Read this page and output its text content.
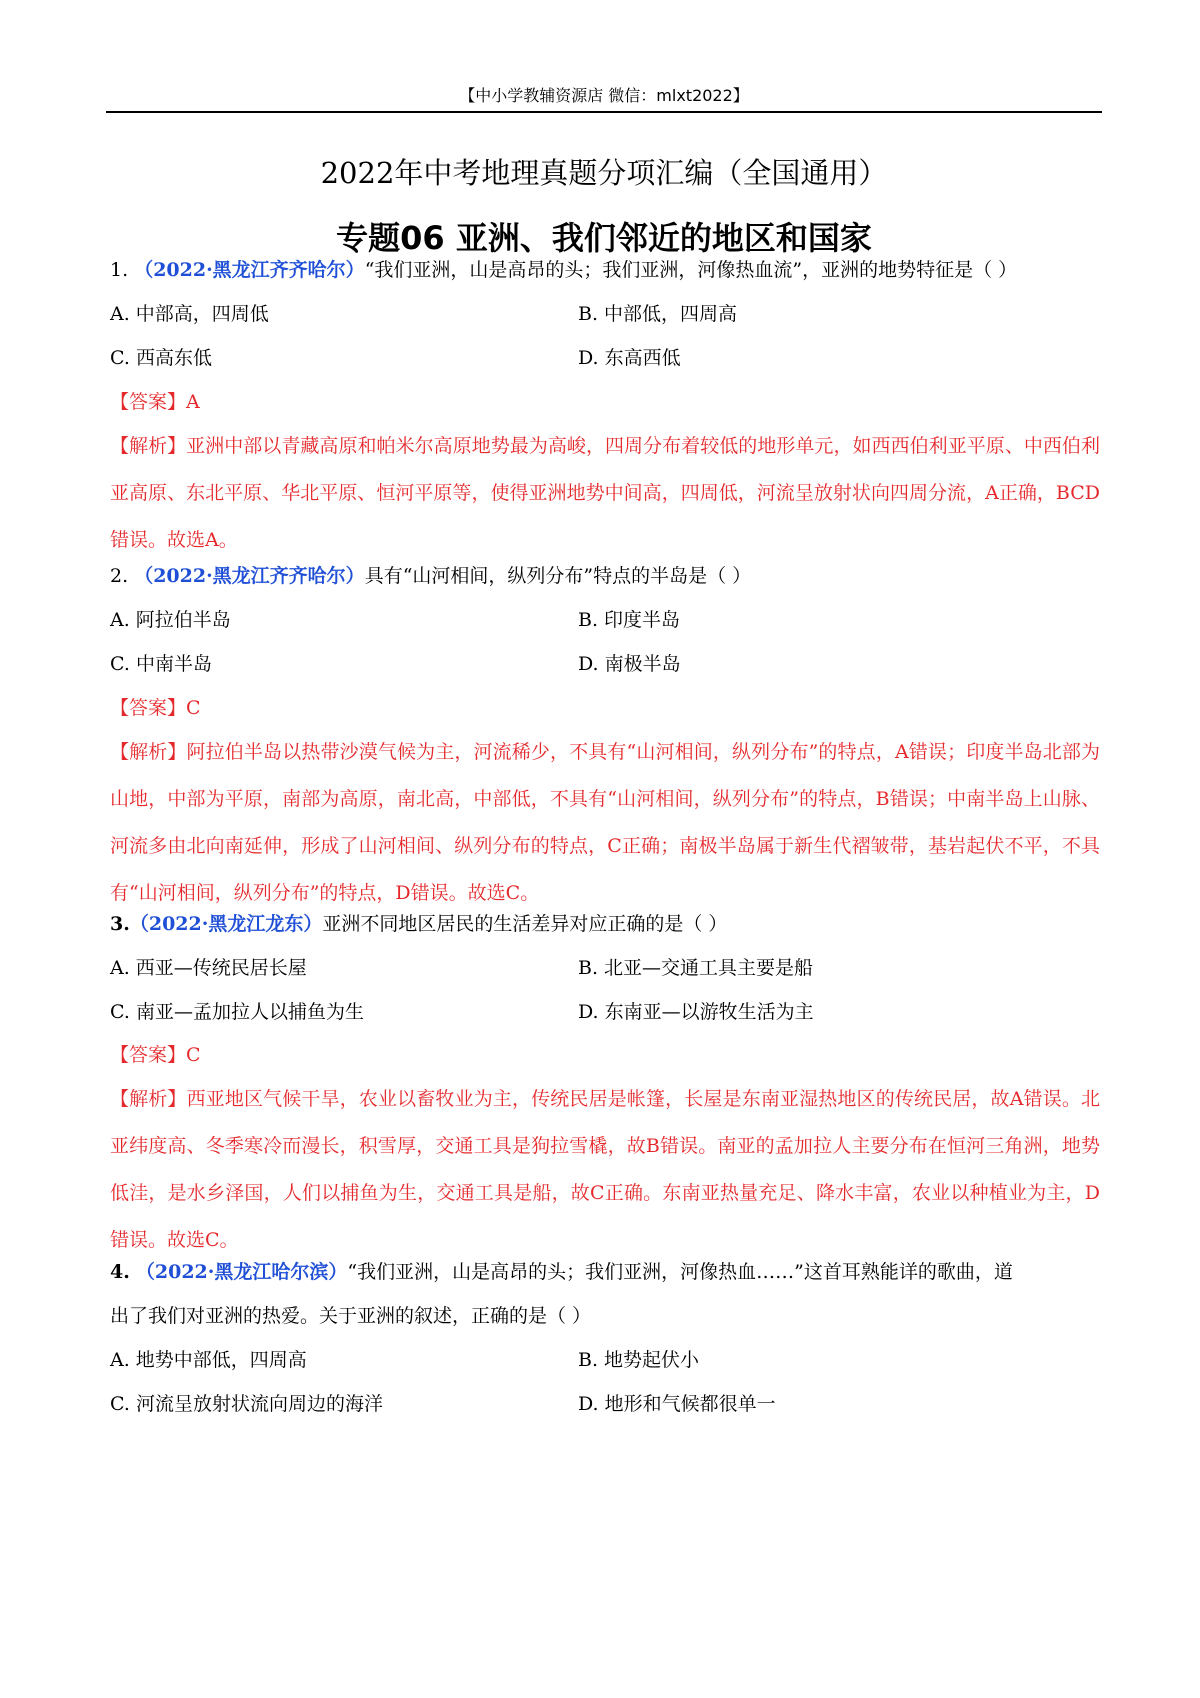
【中小学教辅资源店 微信：mlxt2022】
2022年中考地理真题分项汇编（全国通用）
专题06 亚洲、我们邻近的地区和国家
1. （2022·黑龙江齐齐哈尔）“我们亚洲，山是高昂的头；我们亚洲，河像热血流”，亚洲的地势特征是（ ）
A. 中部高，四周低	B. 中部低，四周高
C. 西高东低	D. 东高西低
【答案】A
【解析】亚洲中部以青藏高原和帕米尔高原地势最为高峻，四周分布着较低的地形单元，如西西伯利亚平原、中西伯利亚高原、东北平原、华北平原、恒河平原等，使得亚洲地势中间高，四周低，河流呈放射状向四周分流，A正确，BCD错误。故选A。
2. （2022·黑龙江齐齐哈尔）具有“山河相间，纵列分布”特点的半岛是（ ）
A. 阿拉伯半岛	B. 印度半岛
C. 中南半岛	D. 南极半岛
【答案】C
【解析】阿拉伯半岛以热带沙漠气候为主，河流稀少，不具有“山河相间，纵列分布”的特点，A错误；印度半岛北部为山地，中部为平原，南部为高原，南北高，中部低，不具有“山河相间，纵列分布”的特点，B错误；中南半岛上山脉、河流多由北向南延伸，形成了山河相间、纵列分布的特点，C正确；南极半岛属于新生代褶皱带，基岩起伏不平，不具有“山河相间，纵列分布”的特点，D错误。故选C。
3.（2022·黑龙江龙东）亚洲不同地区居民的生活差异对应正确的是（ ）
A. 西亚—传统民居长屋	B. 北亚—交通工具主要是船
C. 南亚—孟加拉人以捕鱼为生	D. 东南亚—以游牧生活为主
【答案】C
【解析】西亚地区气候干旱，农业以畜牧业为主，传统民居是帐篷，长屋是东南亚湿热地区的传统民居，故A错误。北亚纬度高、冬季寒冷而漫长，积雪厚，交通工具是狗拉雪橇，故B错误。南亚的孟加拉人主要分布在恒河三角洲，地势低洼，是水乡泽国，人们以捕鱼为生，交通工具是船，故C正确。东南亚热量充足、降水丰富，农业以种植业为主，D错误。故选C。
4. （2022·黑龙江哈尔滨）“我们亚洲，山是高昂的头；我们亚洲，河像热血……”这首耳熟能详的歌曲，道
出了我们对亚洲的热爱。关于亚洲的叙述，正确的是（ ）
A. 地势中部低，四周高	B. 地势起伏小
C. 河流呈放射状流向周边的海洋	D. 地形和气候都很单一
